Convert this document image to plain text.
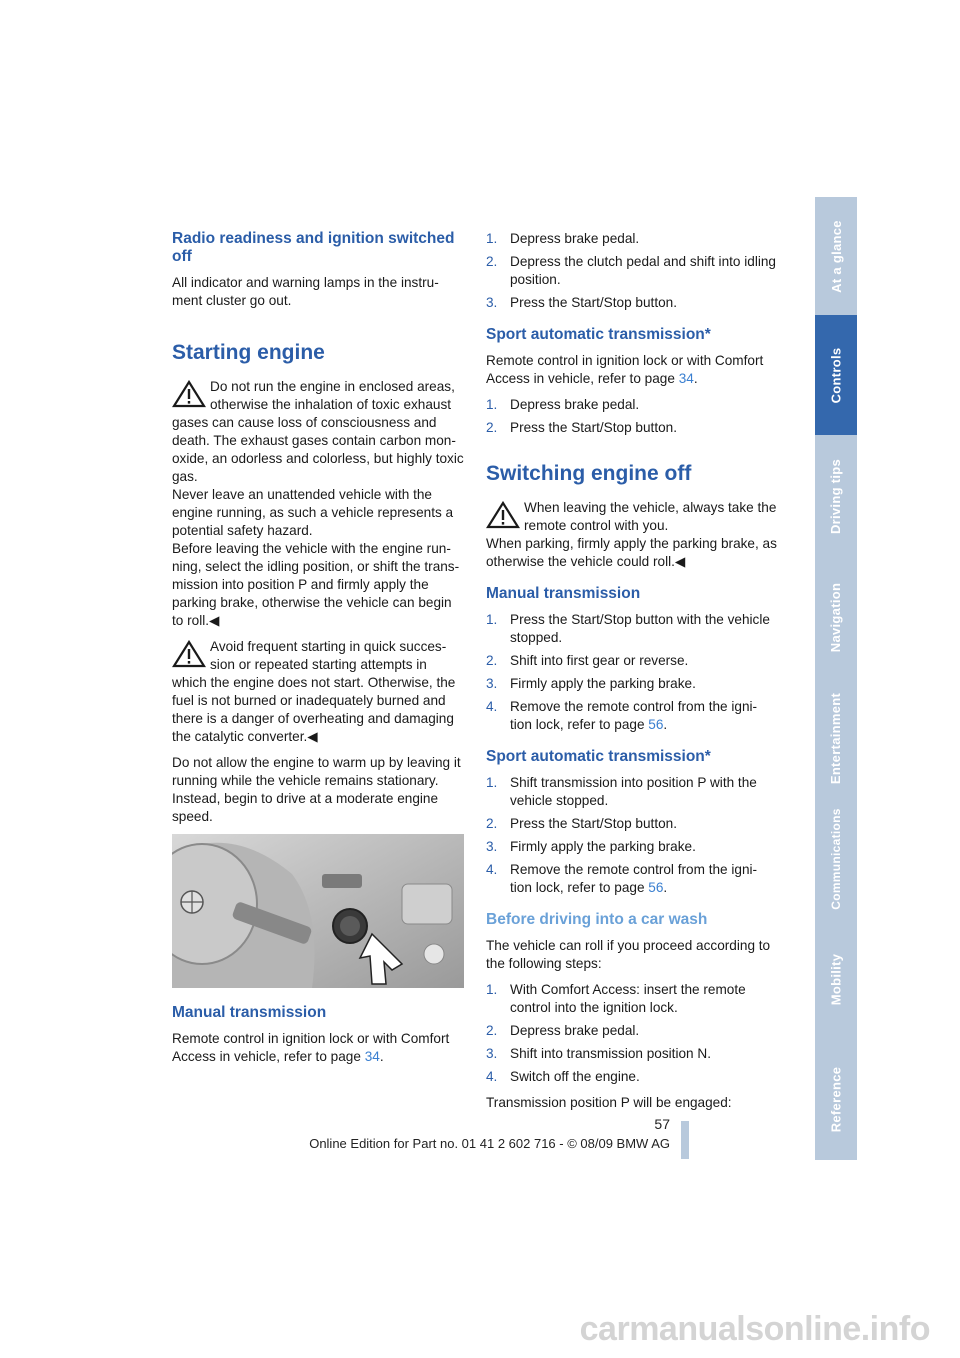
Radio readiness and ignition switched off

All indicator and warning lamps in the instru-ment cluster go out.

Starting engine
Do not run the engine in enclosed areas, otherwise the inhalation of toxic exhaust gases can cause loss of consciousness and death. The exhaust gases contain carbon mon-oxide, an odorless and colorless, but highly toxic gas.
Never leave an unattended vehicle with the engine running, as such a vehicle represents a potential safety hazard.
Before leaving the vehicle with the engine run-ning, select the idling position, or shift the trans-mission into position P and firmly apply the parking brake, otherwise the vehicle can begin to roll.◀
Avoid frequent starting in quick succes-sion or repeated starting attempts in which the engine does not start. Otherwise, the fuel is not burned or inadequately burned and there is a danger of overheating and damaging the catalytic converter.◀

Do not allow the engine to warm up by leaving it running while the vehicle remains stationary. Instead, begin to drive at a moderate engine speed.

Manual transmission

Remote control in ignition lock or with Comfort Access in vehicle, refer to page 34.

1. Depress brake pedal.
2. Depress the clutch pedal and shift into idling position.
3. Press the Start/Stop button.
Sport automatic transmission*

Remote control in ignition lock or with Comfort Access in vehicle, refer to page 34.

1. Depress brake pedal.
2. Press the Start/Stop button.
Switching engine off
When leaving the vehicle, always take the remote control with you.
When parking, firmly apply the parking brake, as otherwise the vehicle could roll.◀
Manual transmission
1. Press the Start/Stop button with the vehicle stopped.
2. Shift into first gear or reverse.
3. Firmly apply the parking brake.
4. Remove the remote control from the igni-tion lock, refer to page 56.
Sport automatic transmission*
1. Shift transmission into position P with the vehicle stopped.
2. Press the Start/Stop button.
3. Firmly apply the parking brake.
4. Remove the remote control from the igni-tion lock, refer to page 56.
Before driving into a car wash

The vehicle can roll if you proceed according to the following steps:

1. With Comfort Access: insert the remote control into the ignition lock.
2. Depress brake pedal.
3. Shift into transmission position N.
4. Switch off the engine.

Transmission position P will be engaged:

At a glance
Controls
Driving tips
Navigation
Entertainment
Communications
Mobility
Reference
57
Online Edition for Part no. 01 41 2 602 716 - © 08/09 BMW AG
carmanualsonline.info
